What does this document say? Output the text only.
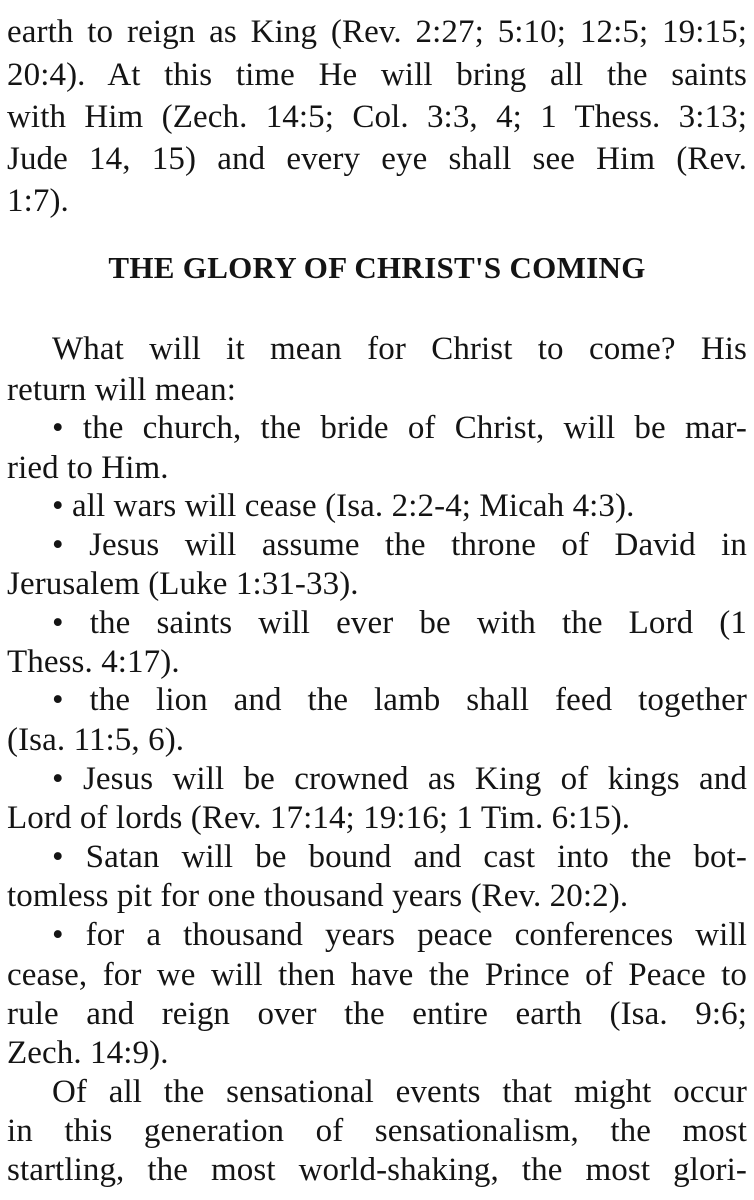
earth to reign as King (Rev. 2:27; 5:10; 12:5; 19:15;
20:4). At this time He will bring all the saints
with Him (Zech. 14:5; Col. 3:3, 4; 1 Thess. 3:13;
Jude 14, 15) and every eye shall see Him (Rev.
1:7).
THE GLORY OF CHRIST'S COMING
What will it mean for Christ to come? His
return will mean:
• the church, the bride of Christ, will be mar-
ried to Him.
• all wars will cease (Isa. 2:2-4; Micah 4:3).
• Jesus will assume the throne of David in
Jerusalem (Luke 1:31-33).
• the saints will ever be with the Lord (1
Thess. 4:17).
• the lion and the lamb shall feed together
(Isa. 11:5, 6).
• Jesus will be crowned as King of kings and
Lord of lords (Rev. 17:14; 19:16; 1 Tim. 6:15).
• Satan will be bound and cast into the bot-
tomless pit for one thousand years (Rev. 20:2).
• for a thousand years peace conferences will
cease, for we will then have the Prince of Peace to
rule and reign over the entire earth (Isa. 9:6;
Zech. 14:9).
Of all the sensational events that might occur
in this generation of sensationalism, the most
startling, the most world-shaking, the most glori-
